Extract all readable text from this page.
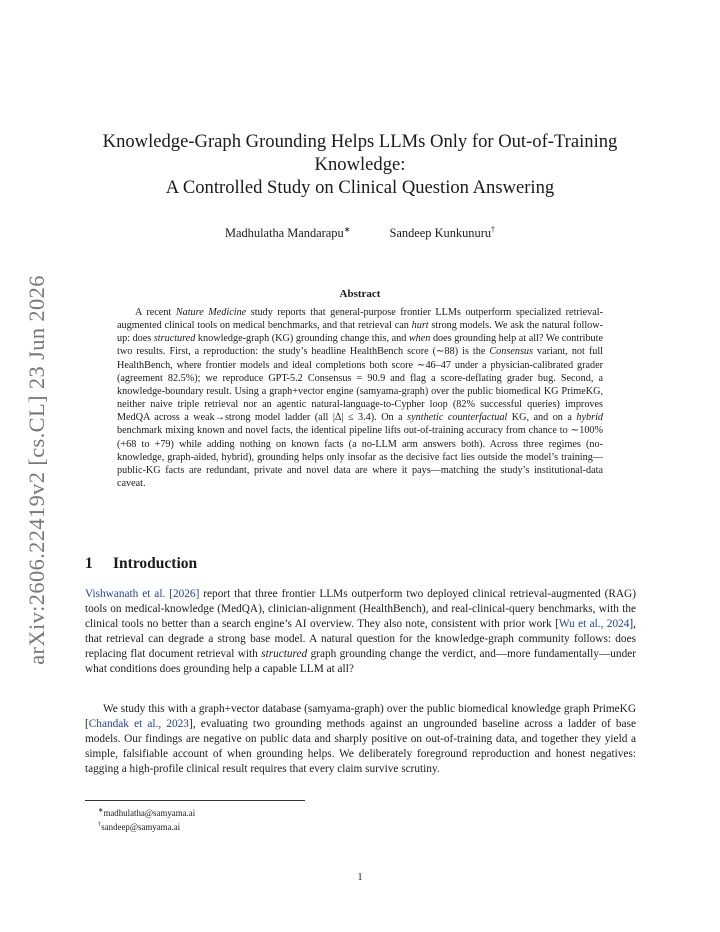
arXiv:2606.22419v2 [cs.CL] 23 Jun 2026
Knowledge-Graph Grounding Helps LLMs Only for Out-of-Training
Knowledge:
A Controlled Study on Clinical Question Answering
Madhulatha Mandarapu∗	Sandeep Kunkunuru†
Abstract

A recent Nature Medicine study reports that general-purpose frontier LLMs outperform specialized retrieval-augmented clinical tools on medical benchmarks, and that retrieval can hurt strong models. We ask the natural follow-up: does structured knowledge-graph (KG) grounding change this, and when does grounding help at all? We contribute two results. First, a reproduction: the study’s headline HealthBench score (∼88) is the Consensus variant, not full HealthBench, where frontier models and ideal completions both score ∼46–47 under a physician-calibrated grader (agreement 82.5%); we reproduce GPT-5.2 Consensus = 90.9 and flag a score-deflating grader bug. Second, a knowledge-boundary result. Using a graph+vector engine (samyama-graph) over the public biomedical KG PrimeKG, neither naive triple retrieval nor an agentic natural-language-to-Cypher loop (82% successful queries) improves MedQA across a weak→strong model ladder (all |Δ| ≤ 3.4). On a synthetic counterfactual KG, and on a hybrid benchmark mixing known and novel facts, the identical pipeline lifts out-of-training accuracy from chance to ∼100% (+68 to +79) while adding nothing on known facts (a no-LLM arm answers both). Across three regimes (no-knowledge, graph-aided, hybrid), grounding helps only insofar as the decisive fact lies outside the model’s training—public-KG facts are redundant, private and novel data are where it pays—matching the study’s institutional-data caveat.

1 Introduction

Vishwanath et al. [2026] report that three frontier LLMs outperform two deployed clinical retrieval-augmented (RAG) tools on medical-knowledge (MedQA), clinician-alignment (HealthBench), and real-clinical-query benchmarks, with the clinical tools no better than a search engine’s AI overview. They also note, consistent with prior work [Wu et al., 2024], that retrieval can degrade a strong base model. A natural question for the knowledge-graph community follows: does replacing flat document retrieval with structured graph grounding change the verdict, and—more fundamentally—under what conditions does grounding help a capable LLM at all?

We study this with a graph+vector database (samyama-graph) over the public biomedical knowledge graph PrimeKG [Chandak et al., 2023], evaluating two grounding methods against an ungrounded baseline across a ladder of base models. Our findings are negative on public data and sharply positive on out-of-training data, and together they yield a simple, falsifiable account of when grounding helps. We deliberately foreground reproduction and honest negatives: tagging a high-profile clinical result requires that every claim survive scrutiny.

∗madhulatha@samyama.ai
†sandeep@samyama.ai
1
